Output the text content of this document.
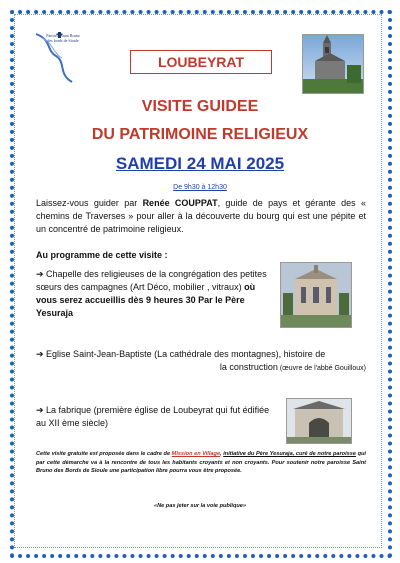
Paroisse Saint Bruno
des bords de Sioule
LOUBEYRAT
VISITE GUIDEE
DU PATRIMOINE RELIGIEUX
SAMEDI 24 MAI 2025
De 9h30 à 12h30
Laissez-vous guider par Renée COUPPAT, guide de pays et gérante des « chemins de Traverses » pour aller à la découverte du bourg qui est une pépite et un concentré de patrimoine religieux.
Au programme de cette visite :
➔ Chapelle des religieuses de la congrégation des petites sœurs des campagnes (Art Déco, mobilier , vitraux) où vous serez accueillis dès 9 heures 30 Par le Père Yesuraja
➔ Eglise Saint-Jean-Baptiste (La cathédrale des montagnes), histoire de
la construction (œuvre de l'abbé Gouilloux)
➔ La fabrique (première église de Loubeyrat qui fut édifiée au XII ème siècle)
Cette visite gratuite est proposée dans le cadre de Mission en Village, initiative du Père Yesuraja, curé de notre paroisse qui par cette démarche va à la rencontre de tous les habitants croyants et non croyants. Pour soutenir notre paroisse Saint Bruno des Bords de Sioule une participation libre pourra vous être proposée.
«Ne pas jeter sur la voie publique»
